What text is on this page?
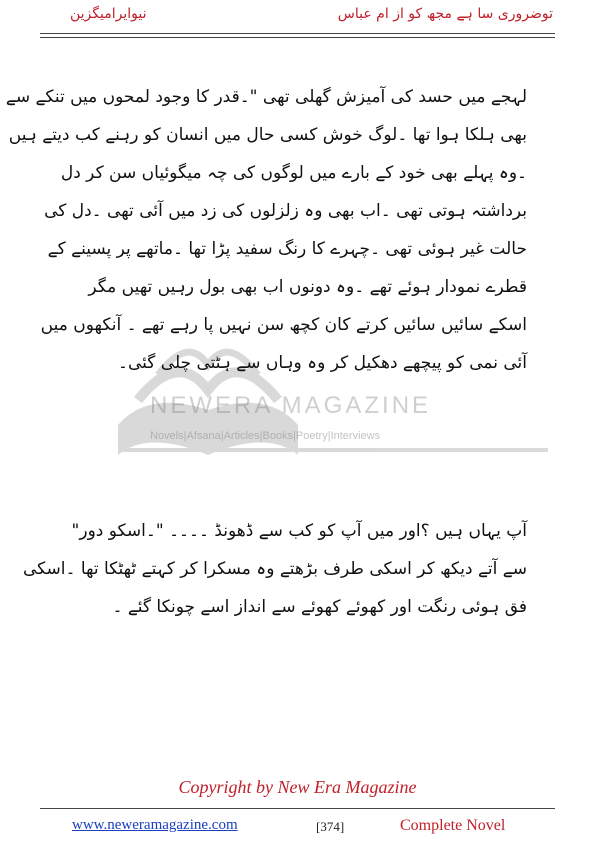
نیوایرامیگزین	توضروری سا ہے مجھ کو از ام عباس
NEWERA MAGAZINE
Novels|Afsana|Articles|Books|Poetry|Interviews
لہجے میں حسد کی آمیزش گھلی تھی "۔قدر کا وجود لمحوں میں تنکے سے
بھی ہلکا ہوا تھا ۔لوگ خوش کسی حال میں انسان کو رہنے کب دیتے ہیں
۔وہ پہلے بھی خود کے بارے میں لوگوں کی چہ میگوئیاں سن کر دل
برداشتہ ہوتی تھی ۔اب بھی وہ زلزلوں کی زد میں آئی تھی ۔دل کی
حالت غیر ہوئی تھی ۔چہرے کا رنگ سفید پڑا تھا ۔ماتھے پر پسینے کے
قطرے نمودار ہوئے تھے ۔وہ دونوں اب بھی بول رہیں تھیں مگر
اسکے سائیں سائیں کرتے کان کچھ سن نہیں پا رہے تھے ۔ آنکھوں میں
آئی نمی کو پیچھے دھکیل کر وہ وہاں سے ہٹتی چلی گئی۔
آپ یہاں ہیں ؟اور میں آپ کو کب سے ڈھونڈ ۔۔۔۔ "۔اسکو دور"
سے آتے دیکھ کر اسکی طرف بڑھتے وہ مسکرا کر کہتے ٹھٹکا تھا ۔اسکی
فق ہوئی رنگت اور کھوئے کھوئے سے انداز اسے چونکا گئے ۔
Copyright by New Era Magazine
www.neweramagazine.com	[374]	Complete Novel
